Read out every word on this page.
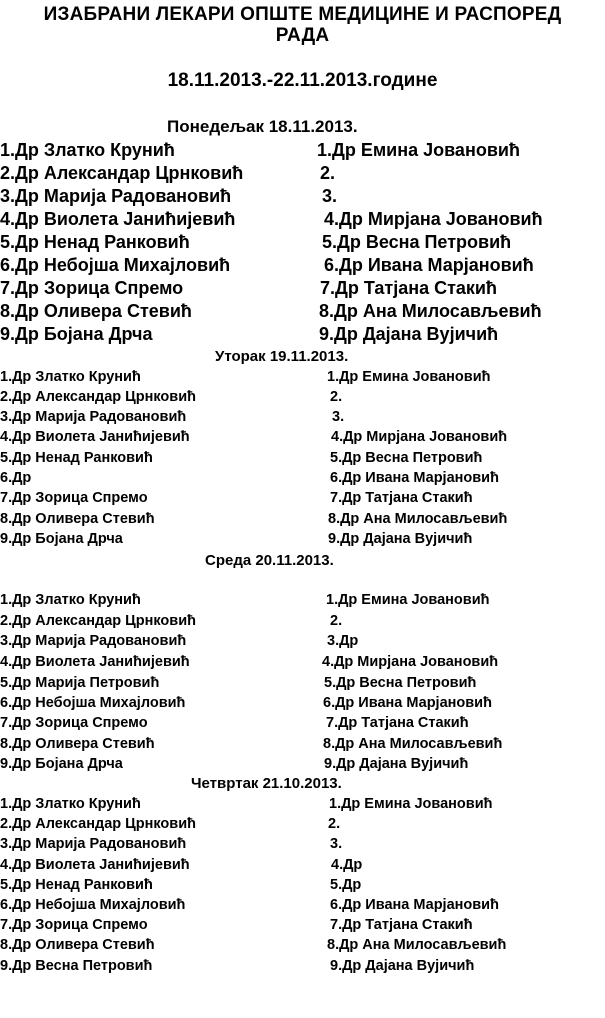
ИЗАБРАНИ ЛЕКАРИ ОПШТЕ МЕДИЦИНЕ И РАСПОРЕД
РАДА
18.11.2013.-22.11.2013.године
Понедељак 18.11.2013.
1.Др Златко Крунић	1.Др Емина Јовановић
2.Др Александар Црнковић	2.
3.Др Марија Радовановић	3.
4.Др Виолета Јанићијевић	4.Др Мирјана Јовановић
5.Др Ненад Ранковић	5.Др Весна Петровић
6.Др Небојша Михајловић	6.Др Ивана Марјановић
7.Др Зорица Спремо	7.Др Татјана Стакић
8.Др Оливера Стевић	8.Др Ана Милосављевић
9.Др Бојана Дрча	9.Др Дајана Вујичић
Уторак 19.11.2013.
1.Др Златко Крунић	1.Др Емина Јовановић
2.Др Александар Црнковић	2.
3.Др Марија Радовановић	3.
4.Др Виолета Јанићијевић	4.Др Мирјана Јовановић
5.Др Ненад Ранковић	5.Др Весна Петровић
6.Др	6.Др Ивана Марјановић
7.Др Зорица Спремо	7.Др Татјана Стакић
8.Др Оливера Стевић	8.Др Ана Милосављевић
9.Др Бојана Дрча	9.Др Дајана Вујичић
Среда 20.11.2013.
1.Др Златко Крунић	1.Др Емина Јовановић
2.Др Александар Црнковић	2.
3.Др Марија Радовановић	3.Др
4.Др Виолета Јанићијевић	4.Др Мирјана Јовановић
5.Др Марија Петровић	5.Др Весна Петровић
6.Др Небојша Михајловић	6.Др Ивана Марјановић
7.Др Зорица Спремо	7.Др Татјана Стакић
8.Др Оливера Стевић	8.Др Ана Милосављевић
9.Др Бојана Дрча	9.Др Дајана Вујичић
Четвртак 21.10.2013.
1.Др Златко Крунић	1.Др Емина Јовановић
2.Др Александар Црнковић	2.
3.Др Марија Радовановић	3.
4.Др Виолета Јанићијевић	4.Др
5.Др Ненад Ранковић	5.Др
6.Др Небојша Михајловић	6.Др Ивана Марјановић
7.Др Зорица Спремо	7.Др Татјана Стакић
8.Др Оливера Стевић	8.Др Ана Милосављевић
9.Др Весна Петровић	9.Др Дајана Вујичић
